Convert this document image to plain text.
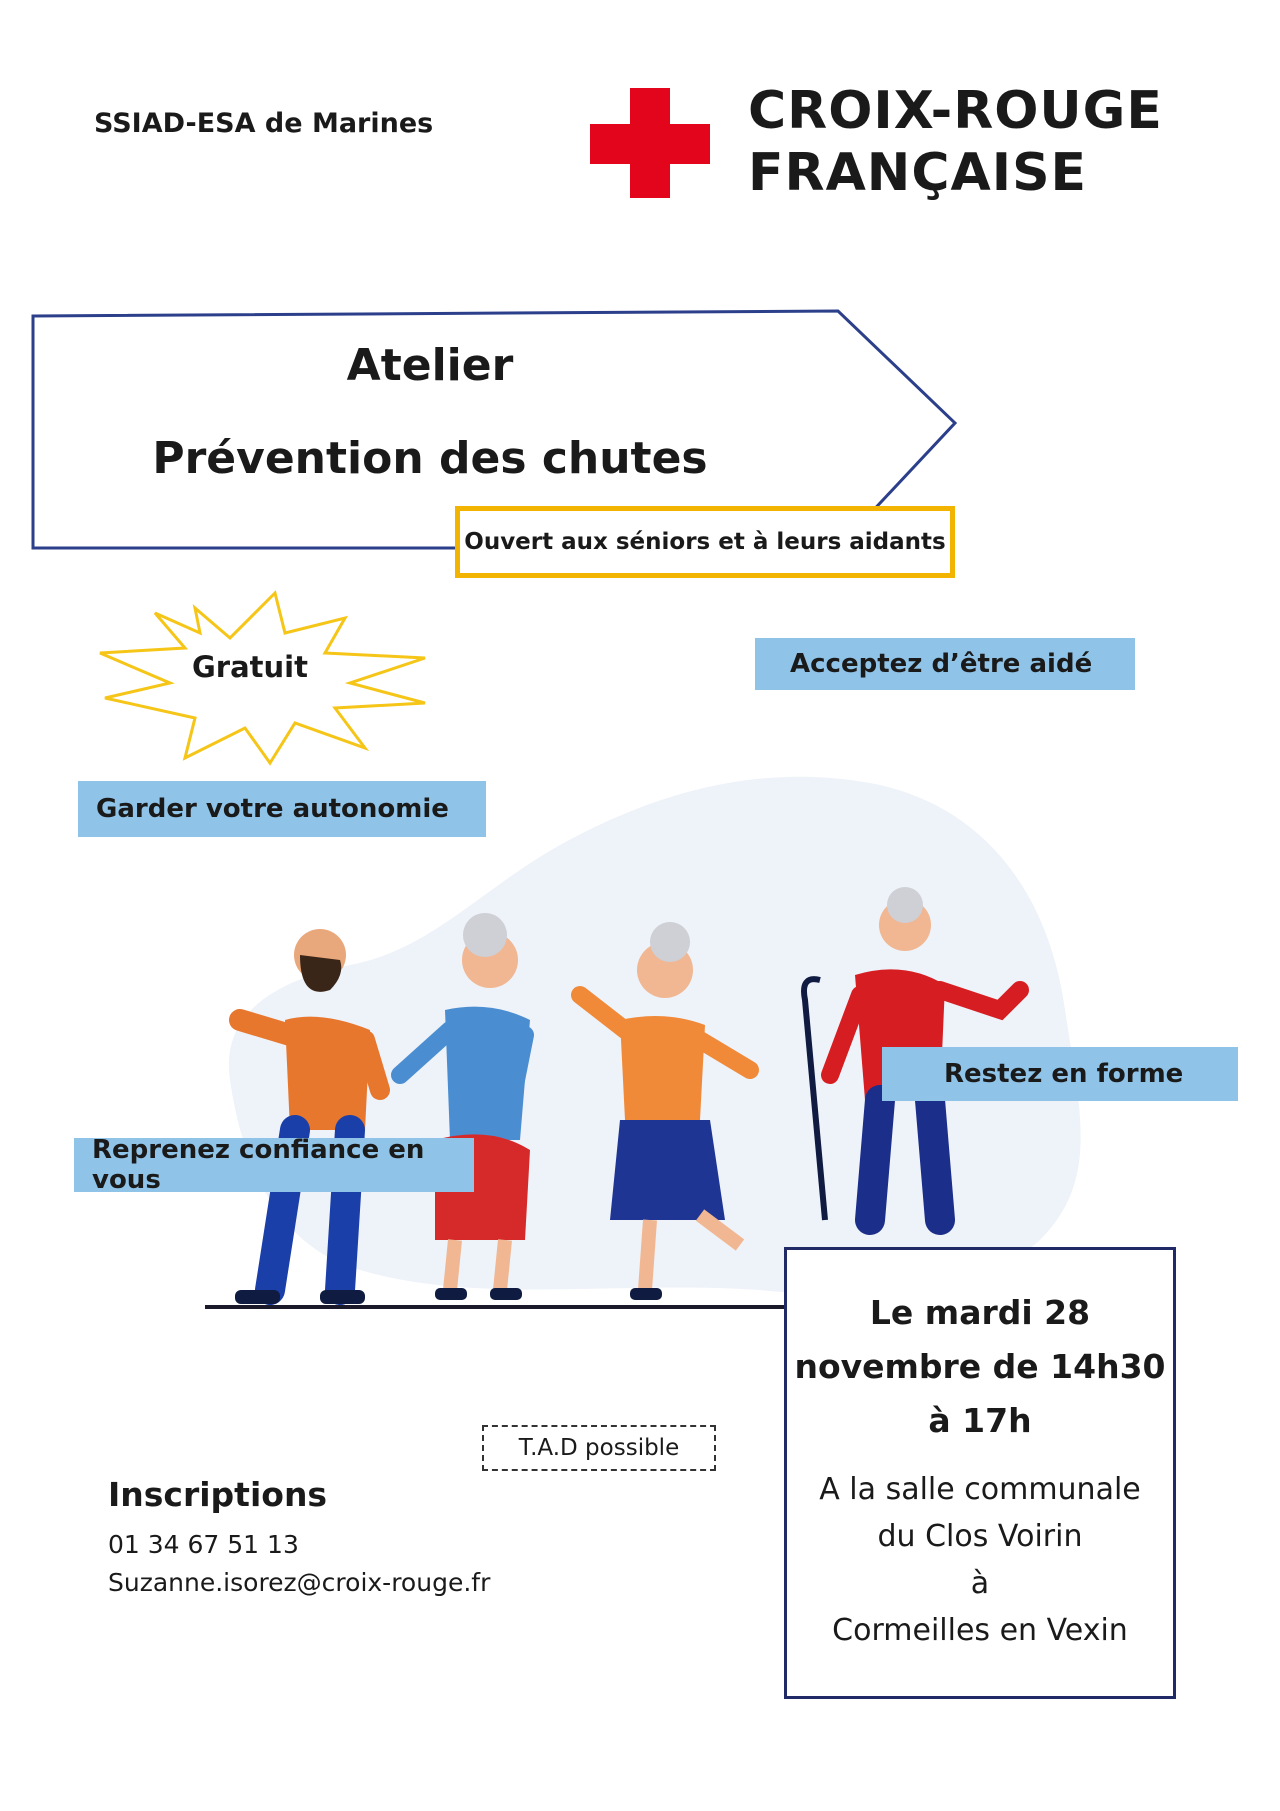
SSIAD-ESA de Marines	CROIX-ROUGE
FRANÇAISE
Atelier
Prévention des chutes
Ouvert aux séniors et à leurs aidants
Gratuit	Acceptez d’être aidé
Garder votre autonomie
Restez en forme
Reprenez confiance en vous
Le mardi 28
novembre de 14h30
à 17h
A la salle communale
du Clos Voirin
à
Cormeilles en Vexin
T.A.D possible
Inscriptions
01 34 67 51 13
Suzanne.isorez@croix-rouge.fr
